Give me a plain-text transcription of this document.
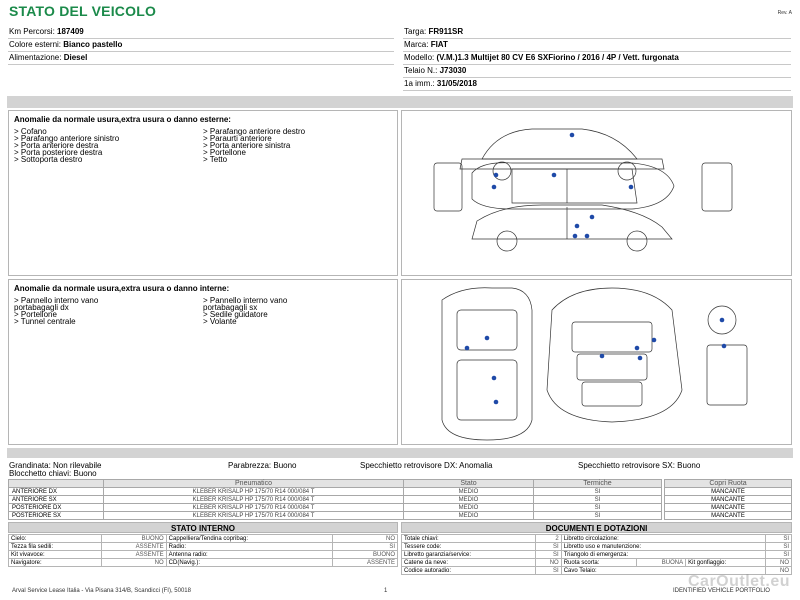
STATO DEL VEICOLO	Rev. A
Km Percorsi: 187409
Colore esterni: Bianco pastello
Alimentazione: Diesel
Targa: FR911SR
Marca: FIAT
Modello: (V.M.)1.3 Multijet 80 CV E6 SXFiorino / 2016 / 4P / Vett. furgonata
Telaio N.: J73030
1a imm.: 31/05/2018
Anomalie da normale usura,extra usura o danno esterne:
> Cofano
> Parafango anteriore sinistro
> Porta anteriore destra
> Porta posteriore destra
> Sottoporta destro
> Parafango anteriore destro
> Paraurti anteriore
> Porta anteriore sinistra
> Portellone
> Tetto
Anomalie da normale usura,extra usura o danno interne:
> Pannello interno vano
portabagagli dx
> Portellone
> Tunnel centrale
> Pannello interno vano
portabagagli sx
> Sedile guidatore
> Volante
Grandinata: Non rilevabile	Parabrezza: Buono	Specchietto retrovisore DX: Anomalia	Specchietto retrovisore SX: Buono
Blocchetto chiavi: Buono
	Pneumatico	Stato	Termiche
ANTERIORE DX	KLEBER KRISALP HP 175/70 R14 000/084 T	MEDIO	SI
ANTERIORE SX	KLEBER KRISALP HP 175/70 R14 000/084 T	MEDIO	SI
POSTERIORE DX	KLEBER KRISALP HP 175/70 R14 000/084 T	MEDIO	SI
POSTERIORE SX	KLEBER KRISALP HP 175/70 R14 000/084 T	MEDIO	SI
Copri Ruota
MANCANTE
MANCANTE
MANCANTE
MANCANTE
STATO INTERNO
Cielo:	BUONO	Cappelliera/Tendina copribag:	NO
Tezza fila sedili:	ASSENTE	Radio:	SI
Kit vivavoce:	ASSENTE	Antenna radio:	BUONO
Navigatore:	NO	CD(Navig.):	ASSENTE
DOCUMENTI E DOTAZIONI
Totale chiavi:	2	Libretto circolazione:			SI
Tessere code:	SI	Libretto uso e manutenzione:			SI
Libretto garanzia/service:	SI	Triangolo di emergenza:			SI
Catene da neve:	NO	Ruota scorta:	BUONA	Kit gonfiaggio:	NO
Codice autoradio:	SI	Cavo Telaio:			NO
Arval Service Lease Italia - Via Pisana 314/B, Scandicci (FI), 50018	1	IDENTIFIED VEHICLE PORTFOLIO
CarOutlet.eu
